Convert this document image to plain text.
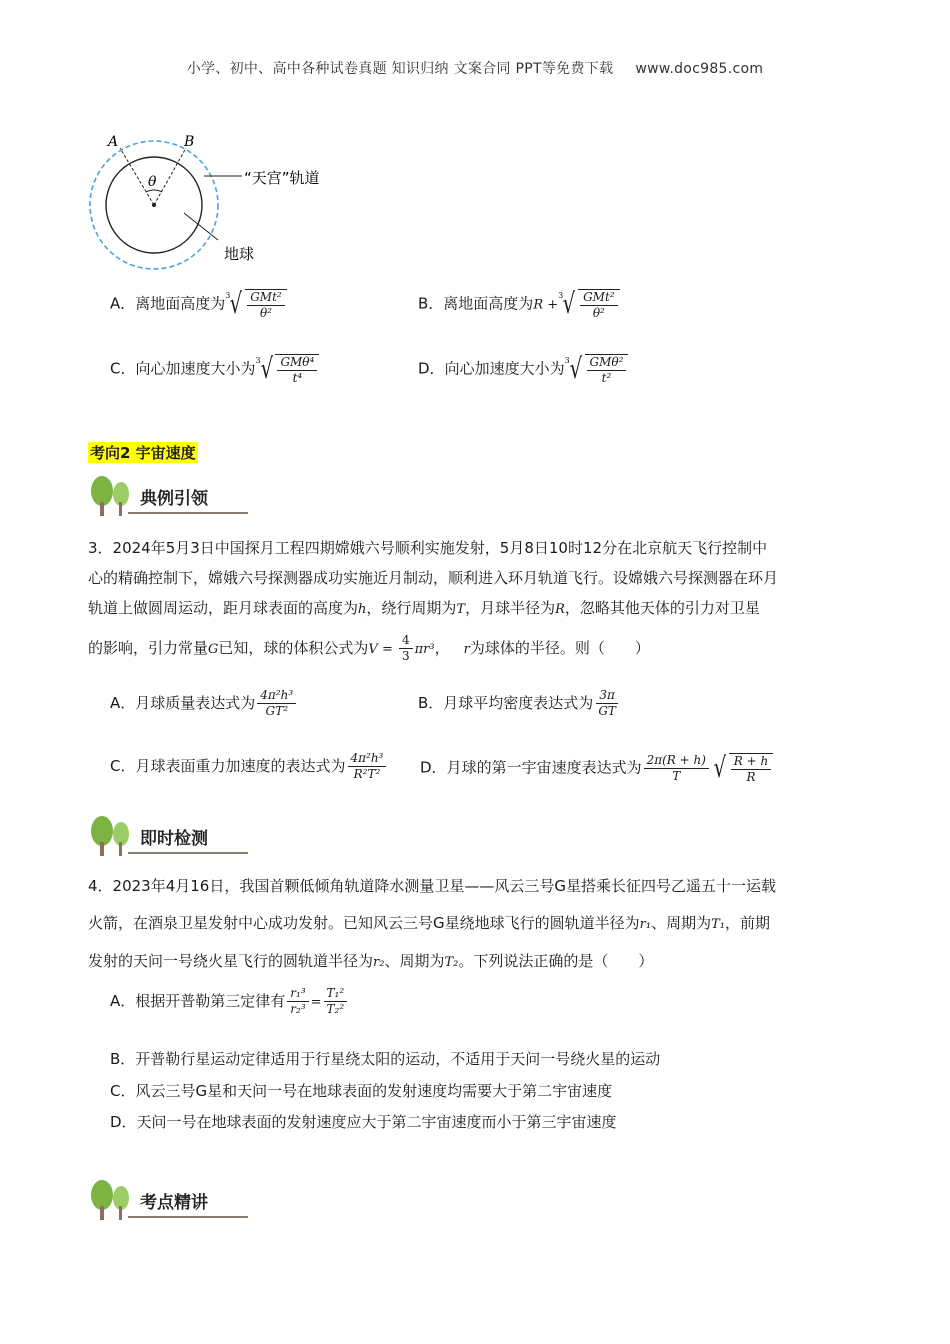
小学、初中、高中各种试卷真题 知识归纳 文案合同 PPT等免费下载 www.doc985.com
A	B
θ	“天宫”轨道
地球
A．离地面高度为 3 √ $\frac{\text{GMt²}}{\text{θ²}}$	B．离地面高度为R +
3 √ $\frac{\text{GMt²}}{\text{θ²}}$
C．向心加速度大小为 3 √ $\frac{\text{GMθ⁴}}{\text{t⁴}}$	D．向心加速度大小为 3 √ $\frac{\text{GMθ²}}{\text{t²}}$
考向2 宇宙速度
典例引领
3．2024年5月3日中国探月工程四期嫦娥六号顺利实施发射，5月8日10时12分在北京航天飞行控制中
心的精确控制下，嫦娥六号探测器成功实施近月制动，顺利进入环月轨道飞行。设嫦娥六号探测器在环月
轨道上做圆周运动，距月球表面的高度为h，绕行周期为T，月球半径为R，忽略其他天体的引力对卫星
的影响，引力常量G已知，球的体积公式为$V = \frac{4}{3} \pi r^3$， r为球体的半径。则（　　）
A．月球质量表达式为 $\frac{\text{4π²h³}}{\text{GT²}}$	B．月球平均密度表达式为 $\frac{3\pi}{GT}$
C．月球表面重力加速度的表达式为 $\frac{\text{4π²h³}}{\text{R²T²}}$ D．月球的第一宇宙速度表达式为 $\frac{2\pi(R + h)}{T}$ √ $\frac{R + h}{R}$
即时检测
4．2023年4月16日，我国首颗低倾角轨道降水测量卫星——风云三号G星搭乘长征四号乙遥五十一运载
火箭，在酒泉卫星发射中心成功发射。已知风云三号G星绕地球飞行的圆轨道半径为r₁、周期为T₁，前期
发射的天问一号绕火星飞行的圆轨道半径为r₂、周期为T₂。下列说法正确的是（　　）
A．根据开普勒第三定律有 $\frac{\text{r₁³}}{\text{r₂³}} = \frac{\text{T₁²}}{\text{T₂²}}$
B．开普勒行星运动定律适用于行星绕太阳的运动，不适用于天问一号绕火星的运动
C．风云三号G星和天问一号在地球表面的发射速度均需要大于第二宇宙速度
D．天问一号在地球表面的发射速度应大于第二宇宙速度而小于第三宇宙速度
考点精讲
